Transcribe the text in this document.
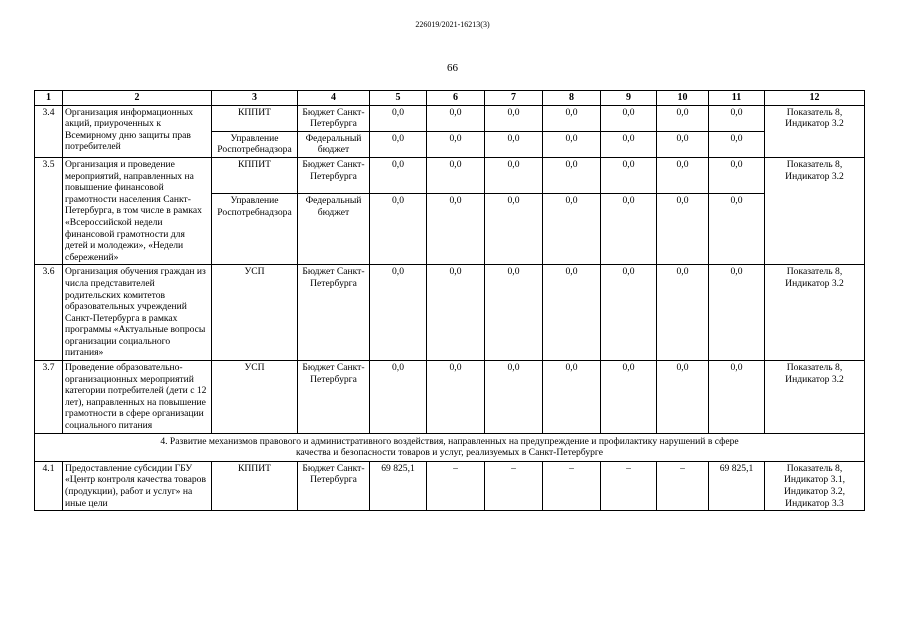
226019/2021-16213(3)
66
1	2	3	4	5	6	7	8	9	10	11	12
3.4	Организация информационных акций, приуроченных к Всемирному дню защиты прав потребителей	КППИТ	Бюджет Санкт-Петербурга	0,0	0,0	0,0	0,0	0,0	0,0	0,0	Показатель 8, Индикатор 3.2
		Управление Роспотребнадзора	Федеральный бюджет	0,0	0,0	0,0	0,0	0,0	0,0	0,0	
3.5	Организация и проведение мероприятий, направленных на повышение финансовой грамотности населения Санкт-Петербурга, в том числе в рамках «Всероссийской недели финансовой грамотности для детей и молодежи», «Недели сбережений»	КППИТ	Бюджет Санкт-Петербурга	0,0	0,0	0,0	0,0	0,0	0,0	0,0	Показатель 8, Индикатор 3.2
		Управление Роспотребнадзора	Федеральный бюджет	0,0	0,0	0,0	0,0	0,0	0,0	0,0	
3.6	Организация обучения граждан из числа представителей родительских комитетов образовательных учреждений Санкт-Петербурга в рамках программы «Актуальные вопросы организации социального питания»	УСП	Бюджет Санкт-Петербурга	0,0	0,0	0,0	0,0	0,0	0,0	0,0	Показатель 8, Индикатор 3.2
3.7	Проведение образовательно-организационных мероприятий категории потребителей (дети с 12 лет), направленных на повышение грамотности в сфере организации социального питания	УСП	Бюджет Санкт-Петербурга	0,0	0,0	0,0	0,0	0,0	0,0	0,0	Показатель 8, Индикатор 3.2
4. Развитие механизмов правового и административного воздействия, направленных на предупреждение и профилактику нарушений в сфере качества и безопасности товаров и услуг, реализуемых в Санкт-Петербурге											
4.1	Предоставление субсидии ГБУ «Центр контроля качества товаров (продукции), работ и услуг» на иные цели	КППИТ	Бюджет Санкт-Петербурга	69 825,1	–	–	–	–	–	69 825,1	Показатель 8, Индикатор 3.1, Индикатор 3.2, Индикатор 3.3
